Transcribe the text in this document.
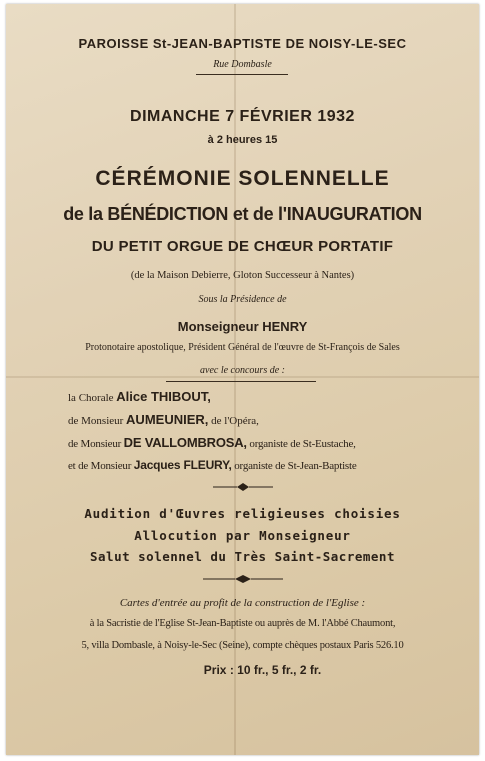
PAROISSE St-JEAN-BAPTISTE DE NOISY-LE-SEC
Rue Dombasle
DIMANCHE 7 FÉVRIER 1932
à 2 heures 15
CÉRÉMONIE SOLENNELLE
de la BÉNÉDICTION et de l'INAUGURATION
DU PETIT ORGUE DE CHŒUR PORTATIF
(de la Maison Debierre, Gloton Successeur à Nantes)
Sous la Présidence de
Monseigneur HENRY
Protonotaire apostolique, Président Général de l'œuvre de St-François de Sales
avec le concours de :
la Chorale Alice THIBOUT,
de Monsieur AUMEUNIER, de l'Opéra,
de Monsieur DE VALLOMBROSA, organiste de St-Eustache,
et de Monsieur Jacques FLEURY, organiste de St-Jean-Baptiste
Audition d'Œuvres religieuses choisies
Allocution par Monseigneur
Salut solennel du Très Saint-Sacrement
Cartes d'entrée au profit de la construction de l'Eglise :
à la Sacristie de l'Eglise St-Jean-Baptiste ou auprès de M. l'Abbé Chaumont,
5, villa Dombasle, à Noisy-le-Sec (Seine), compte chèques postaux Paris 526.10
Prix : 10 fr., 5 fr., 2 fr.
